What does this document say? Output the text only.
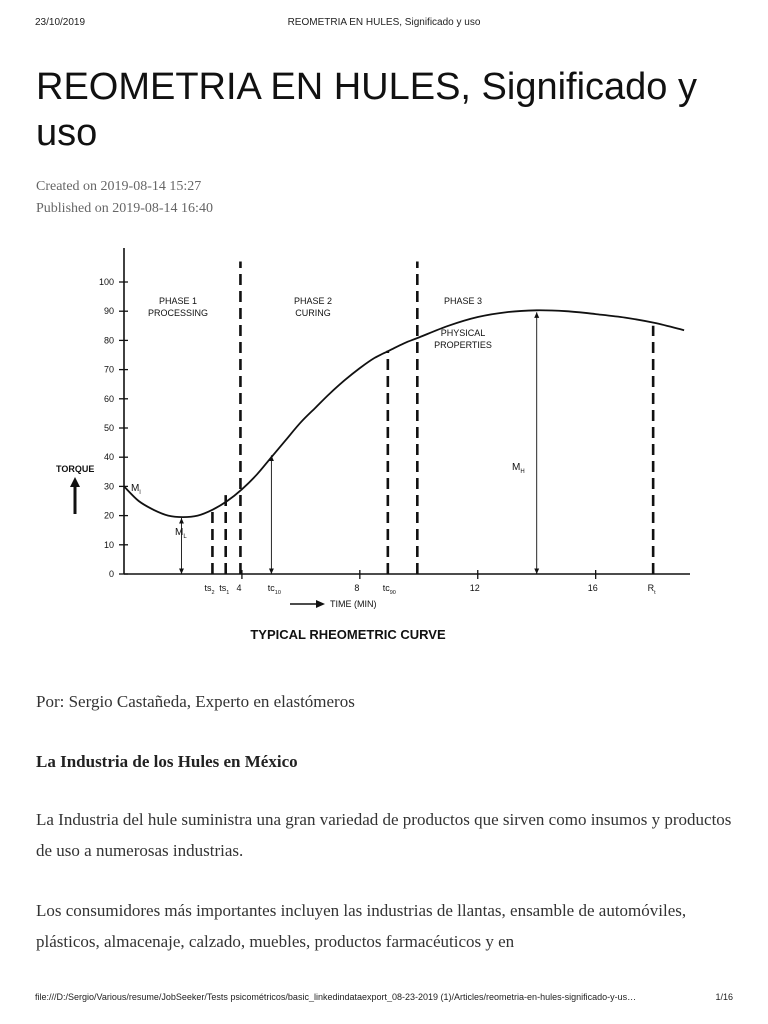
23/10/2019	REOMETRIA EN HULES, Significado y uso
REOMETRIA EN HULES, Significado y uso
Created on 2019-08-14 15:27
Published on 2019-08-14 16:40
0
10
20
30
40
50
60
70
80
90
100
$ts_2$ $ts_1$ 4	$tc_{10}$	8	$tc_{90}$	12	16	$R_t$
PHASE 1
PROCESSING
PHASE 2
CURING
PHASE 3
PHYSICAL
PROPERTIES
$M_l$
$M_L$
$M_H$
TORQUE
TIME (MIN)
TYPICAL RHEOMETRIC CURVE

Por: Sergio Castañeda, Experto en elastómeros

La Industria de los Hules en México

La Industria del hule suministra una gran variedad de productos que sirven como insumos y productos de uso a numerosas industrias.

Los consumidores más importantes incluyen las industrias de llantas, ensamble de automóviles, plásticos, almacenaje, calzado, muebles, productos farmacéuticos y en

file:///D:/Sergio/Various/resume/JobSeeker/Tests psicométricos/basic_linkedindataexport_08-23-2019 (1)/Articles/reometria-en-hules-significado-y-us…	1/16
